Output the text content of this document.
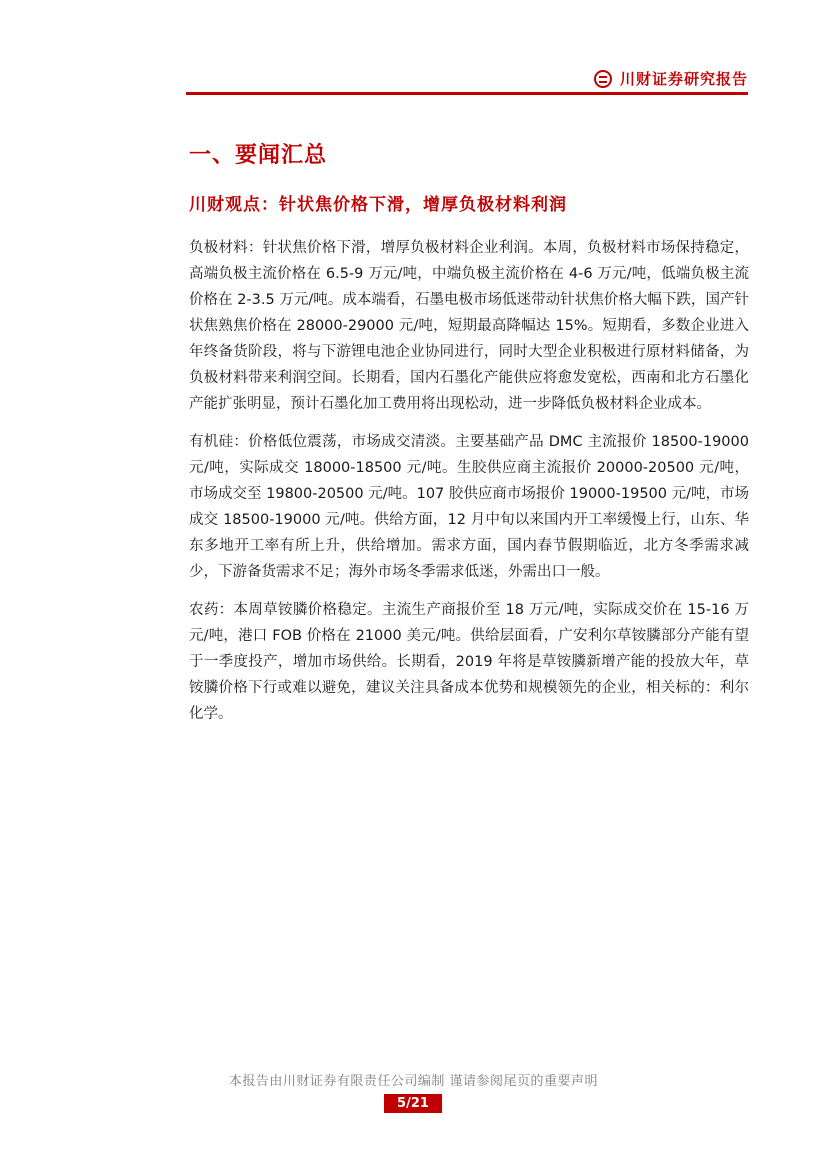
川财证券研究报告
一、要闻汇总
川财观点：针状焦价格下滑，增厚负极材料利润

负极材料：针状焦价格下滑，增厚负极材料企业利润。本周，负极材料市场保持稳定，高端负极主流价格在 6.5-9 万元/吨，中端负极主流价格在 4-6 万元/吨，低端负极主流价格在 2-3.5 万元/吨。成本端看，石墨电极市场低迷带动针状焦价格大幅下跌，国产针状焦熟焦价格在 28000-29000 元/吨，短期最高降幅达 15%。短期看，多数企业进入年终备货阶段，将与下游锂电池企业协同进行，同时大型企业积极进行原材料储备，为负极材料带来利润空间。长期看，国内石墨化产能供应将愈发宽松，西南和北方石墨化产能扩张明显，预计石墨化加工费用将出现松动，进一步降低负极材料企业成本。

有机硅：价格低位震荡，市场成交清淡。主要基础产品 DMC 主流报价 18500-19000 元/吨，实际成交 18000-18500 元/吨。生胶供应商主流报价 20000-20500 元/吨，市场成交至 19800-20500 元/吨。107 胶供应商市场报价 19000-19500 元/吨，市场成交 18500-19000 元/吨。供给方面，12 月中旬以来国内开工率缓慢上行，山东、华东多地开工率有所上升，供给增加。需求方面，国内春节假期临近，北方冬季需求减少，下游备货需求不足；海外市场冬季需求低迷，外需出口一般。

农药：本周草铵膦价格稳定。主流生产商报价至 18 万元/吨，实际成交价在 15-16 万元/吨，港口 FOB 价格在 21000 美元/吨。供给层面看，广安利尔草铵膦部分产能有望于一季度投产，增加市场供给。长期看，2019 年将是草铵膦新增产能的投放大年，草铵膦价格下行或难以避免，建议关注具备成本优势和规模领先的企业，相关标的：利尔化学。

本报告由川财证券有限责任公司编制 谨请参阅尾页的重要声明
5/21
